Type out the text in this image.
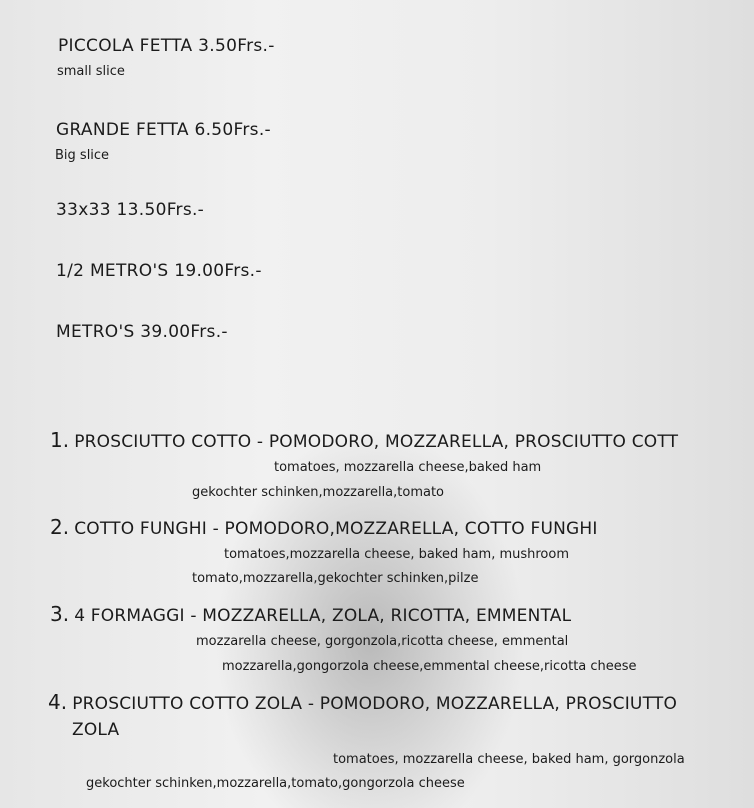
PICCOLA FETTA 3.50Frs.-
small slice
GRANDE FETTA 6.50Frs.-
Big slice
33x33 13.50Frs.-
1/2 METRO'S 19.00Frs.-
METRO'S 39.00Frs.-
1. PROSCIUTTO COTTO - POMODORO, MOZZARELLA, PROSCIUTTO COTT
tomatoes, mozzarella cheese,baked ham
gekochter schinken,mozzarella,tomato
2. COTTO FUNGHI - POMODORO,MOZZARELLA, COTTO FUNGHI
tomatoes,mozzarella cheese, baked ham, mushroom
tomato,mozzarella,gekochter schinken,pilze
3. 4 FORMAGGI - MOZZARELLA, ZOLA, RICOTTA, EMMENTAL
mozzarella cheese, gorgonzola,ricotta cheese, emmental
mozzarella,gongorzola cheese,emmental cheese,ricotta cheese
4. PROSCIUTTO COTTO ZOLA - POMODORO, MOZZARELLA, PROSCIUTTO
ZOLA
tomatoes, mozzarella cheese, baked ham, gorgonzola
gekochter schinken,mozzarella,tomato,gongorzola cheese
